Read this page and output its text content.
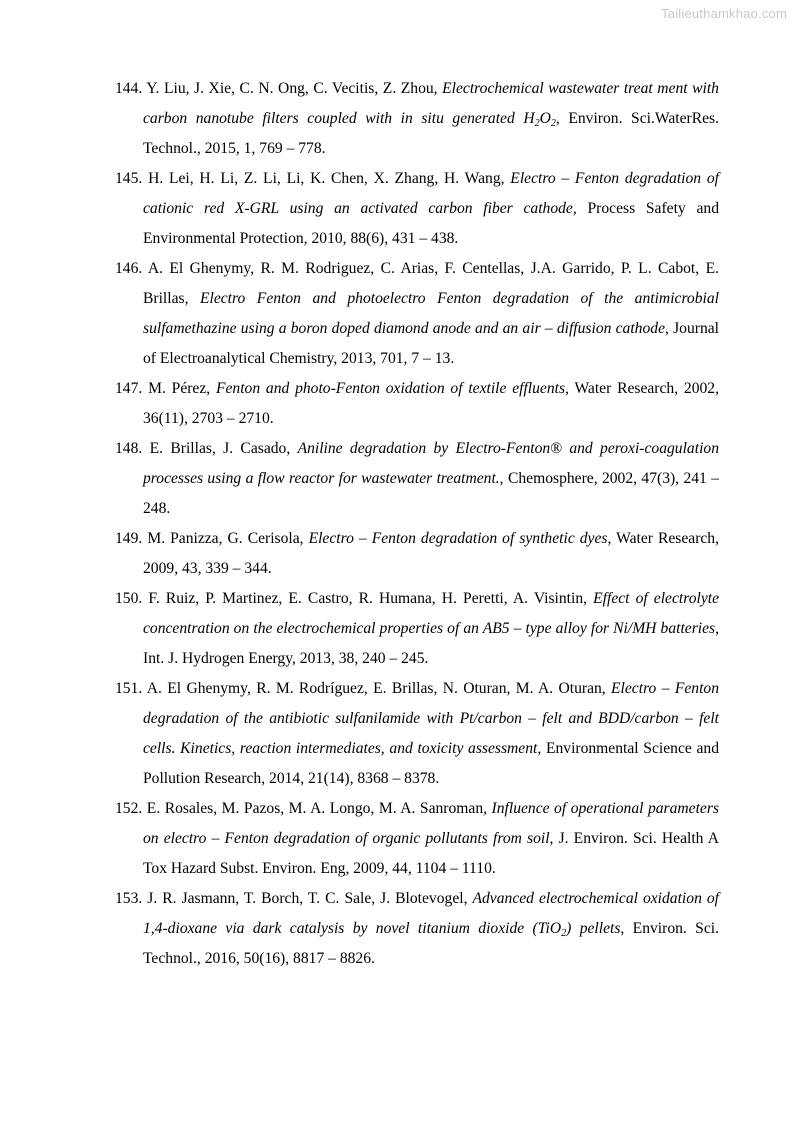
Tailieuthamkhao.com
144. Y. Liu, J. Xie, C. N. Ong, C. Vecitis, Z. Zhou, Electrochemical wastewater treat ment with carbon nanotube filters coupled with in situ generated $H_2O_2$, Environ. Sci.WaterRes. Technol., 2015, 1, 769 – 778.
145. H. Lei, H. Li, Z. Li, Li, K. Chen, X. Zhang, H. Wang, Electro – Fenton degradation of cationic red X-GRL using an activated carbon fiber cathode, Process Safety and Environmental Protection, 2010, 88(6), 431 – 438.
146. A. El Ghenymy, R. M. Rodriguez, C. Arias, F. Centellas, J.A. Garrido, P. L. Cabot, E. Brillas, Electro Fenton and photoelectro Fenton degradation of the antimicrobial sulfamethazine using a boron doped diamond anode and an air – diffusion cathode, Journal of Electroanalytical Chemistry, 2013, 701, 7 – 13.
147. M. Pérez, Fenton and photo-Fenton oxidation of textile effluents, Water Research, 2002, 36(11), 2703 – 2710.
148. E. Brillas, J. Casado, Aniline degradation by Electro-Fenton® and peroxi-coagulation processes using a flow reactor for wastewater treatment., Chemosphere, 2002, 47(3), 241 – 248.
149. M. Panizza, G. Cerisola, Electro – Fenton degradation of synthetic dyes, Water Research, 2009, 43, 339 – 344.
150. F. Ruiz, P. Martinez, E. Castro, R. Humana, H. Peretti, A. Visintin, Effect of electrolyte concentration on the electrochemical properties of an AB5 – type alloy for Ni/MH batteries, Int. J. Hydrogen Energy, 2013, 38, 240 – 245.
151. A. El Ghenymy, R. M. Rodríguez, E. Brillas, N. Oturan, M. A. Oturan, Electro – Fenton degradation of the antibiotic sulfanilamide with Pt/carbon – felt and BDD/carbon – felt cells. Kinetics, reaction intermediates, and toxicity assessment, Environmental Science and Pollution Research, 2014, 21(14), 8368 – 8378.
152. E. Rosales, M. Pazos, M. A. Longo, M. A. Sanroman, Influence of operational parameters on electro – Fenton degradation of organic pollutants from soil, J. Environ. Sci. Health A Tox Hazard Subst. Environ. Eng, 2009, 44, 1104 – 1110.
153. J. R. Jasmann, T. Borch, T. C. Sale, J. Blotevogel, Advanced electrochemical oxidation of 1,4-dioxane via dark catalysis by novel titanium dioxide (TiO$_2$) pellets, Environ. Sci. Technol., 2016, 50(16), 8817 – 8826.
